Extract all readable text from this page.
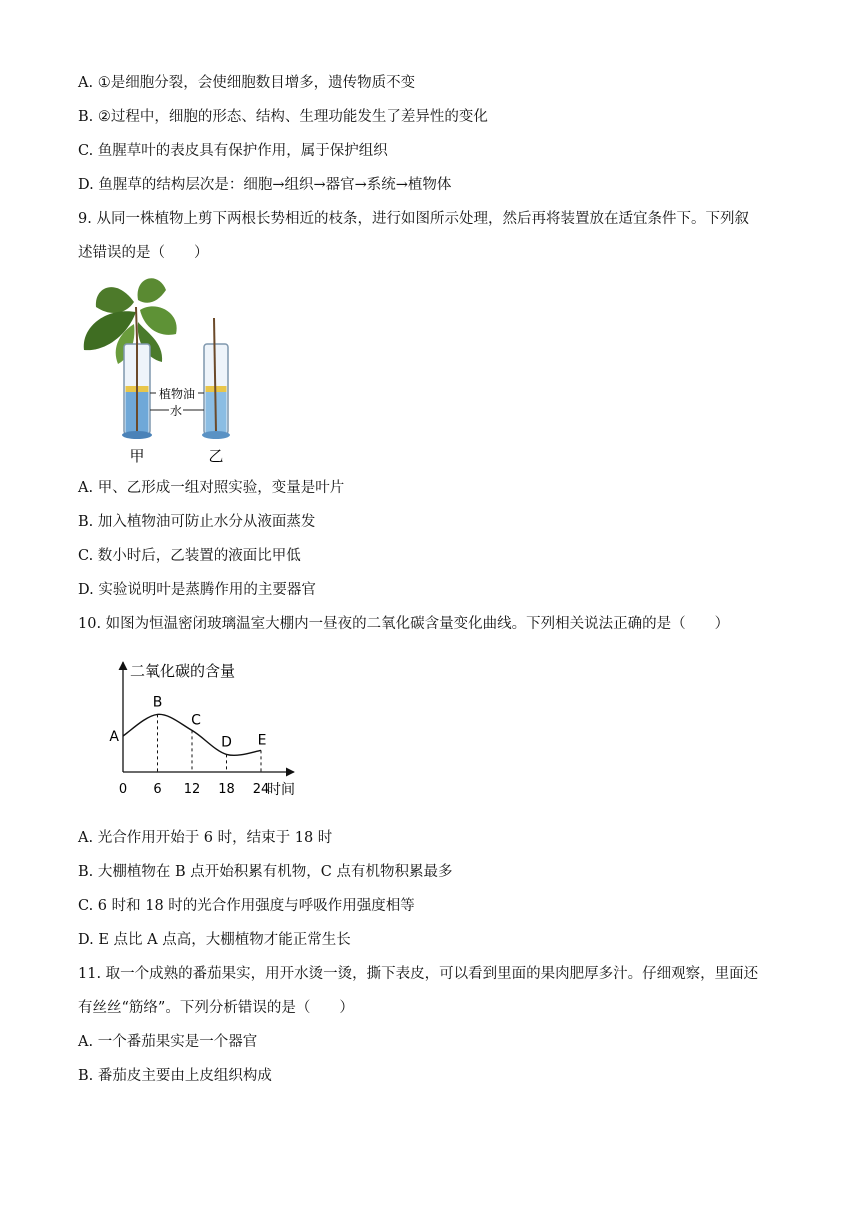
A. ①是细胞分裂，会使细胞数目增多，遗传物质不变
B. ②过程中，细胞的形态、结构、生理功能发生了差异性的变化
C. 鱼腥草叶的表皮具有保护作用，属于保护组织
D. 鱼腥草的结构层次是：细胞→组织→器官→系统→植物体
9. 从同一株植物上剪下两根长势相近的枝条，进行如图所示处理，然后再将装置放在适宜条件下。下列叙
述错误的是（　　）
植物油
水
甲	乙
A. 甲、乙形成一组对照实验，变量是叶片
B. 加入植物油可防止水分从液面蒸发
C. 数小时后，乙装置的液面比甲低
D. 实验说明叶是蒸腾作用的主要器官
10. 如图为恒温密闭玻璃温室大棚内一昼夜的二氧化碳含量变化曲线。下列相关说法正确的是（　　）
二氧化碳的含量
时间
0 6 12 18 24
A
B
C
D E
A. 光合作用开始于 6 时，结束于 18 时
B. 大棚植物在 B 点开始积累有机物，C 点有机物积累最多
C. 6 时和 18 时的光合作用强度与呼吸作用强度相等
D. E 点比 A 点高，大棚植物才能正常生长
11. 取一个成熟的番茄果实，用开水烫一烫，撕下表皮，可以看到里面的果肉肥厚多汁。仔细观察，里面还
有丝丝“筋络”。下列分析错误的是（　　）
A. 一个番茄果实是一个器官
B. 番茄皮主要由上皮组织构成
